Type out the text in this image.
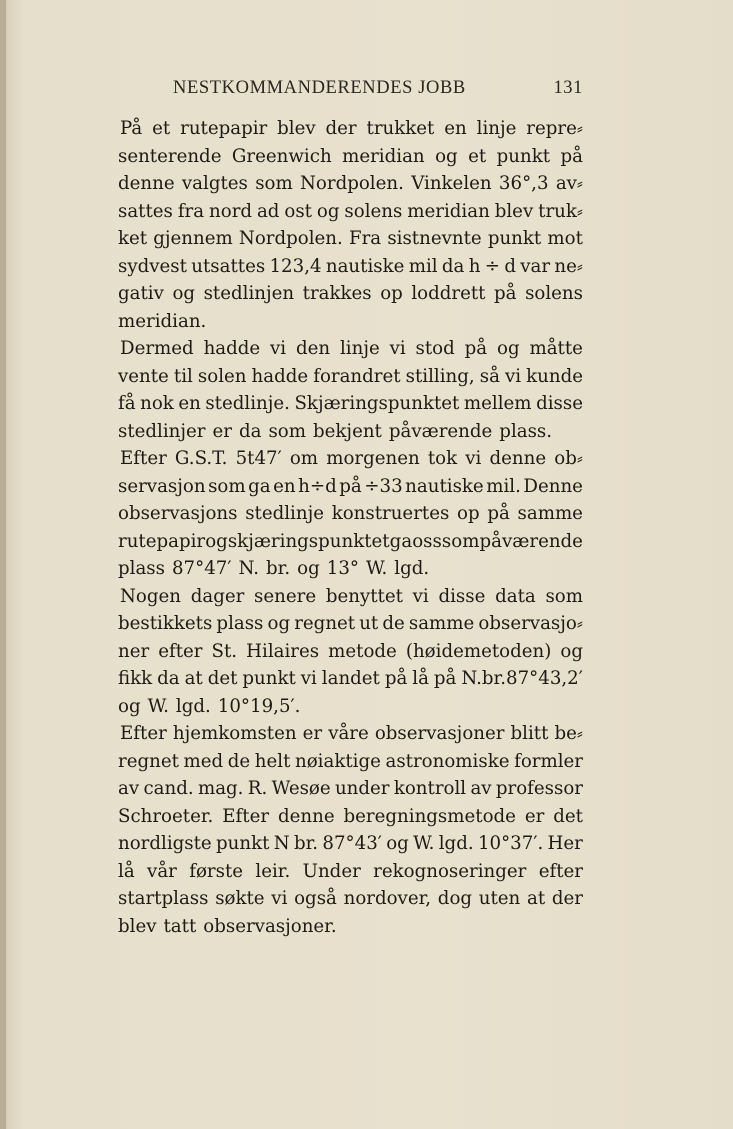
NESTKOMMANDERENDES JOBB	131
På et rutepapir blev der trukket en linje repre⸗
senterende Greenwich meridian og et punkt på
denne valgtes som Nordpolen. Vinkelen 36°,3 av⸗
sattes fra nord ad ost og solens meridian blev truk⸗
ket gjennem Nordpolen. Fra sistnevnte punkt mot
sydvest utsattes 123,4 nautiske mil da h ÷ d var ne⸗
gativ og stedlinjen trakkes op loddrett på solens
meridian.
Dermed hadde vi den linje vi stod på og måtte
vente til solen hadde forandret stilling, så vi kunde
få nok en stedlinje. Skjæringspunktet mellem disse
stedlinjer er da som bekjent påværende plass.
Efter G.S.T. 5t47′ om morgenen tok vi denne ob⸗
servasjon som ga en h÷d på ÷33 nautiske mil. Denne
observasjons stedlinje konstruertes op på samme
rutepapir og skjæringspunktet ga oss som påværende
plass 87°47′ N. br. og 13° W. lgd.
Nogen dager senere benyttet vi disse data som
bestikkets plass og regnet ut de samme observasjo⸗
ner efter St. Hilaires metode (høidemetoden) og
fikk da at det punkt vi landet på lå på N.br.87°43,2′
og W. lgd. 10°19,5′.
Efter hjemkomsten er våre observasjoner blitt be⸗
regnet med de helt nøiaktige astronomiske formler
av cand. mag. R. Wesøe under kontroll av professor
Schroeter. Efter denne beregningsmetode er det
nordligste punkt N br. 87°43′ og W. lgd. 10°37′. Her
lå vår første leir. Under rekognoseringer efter
startplass søkte vi også nordover, dog uten at der
blev tatt observasjoner.
